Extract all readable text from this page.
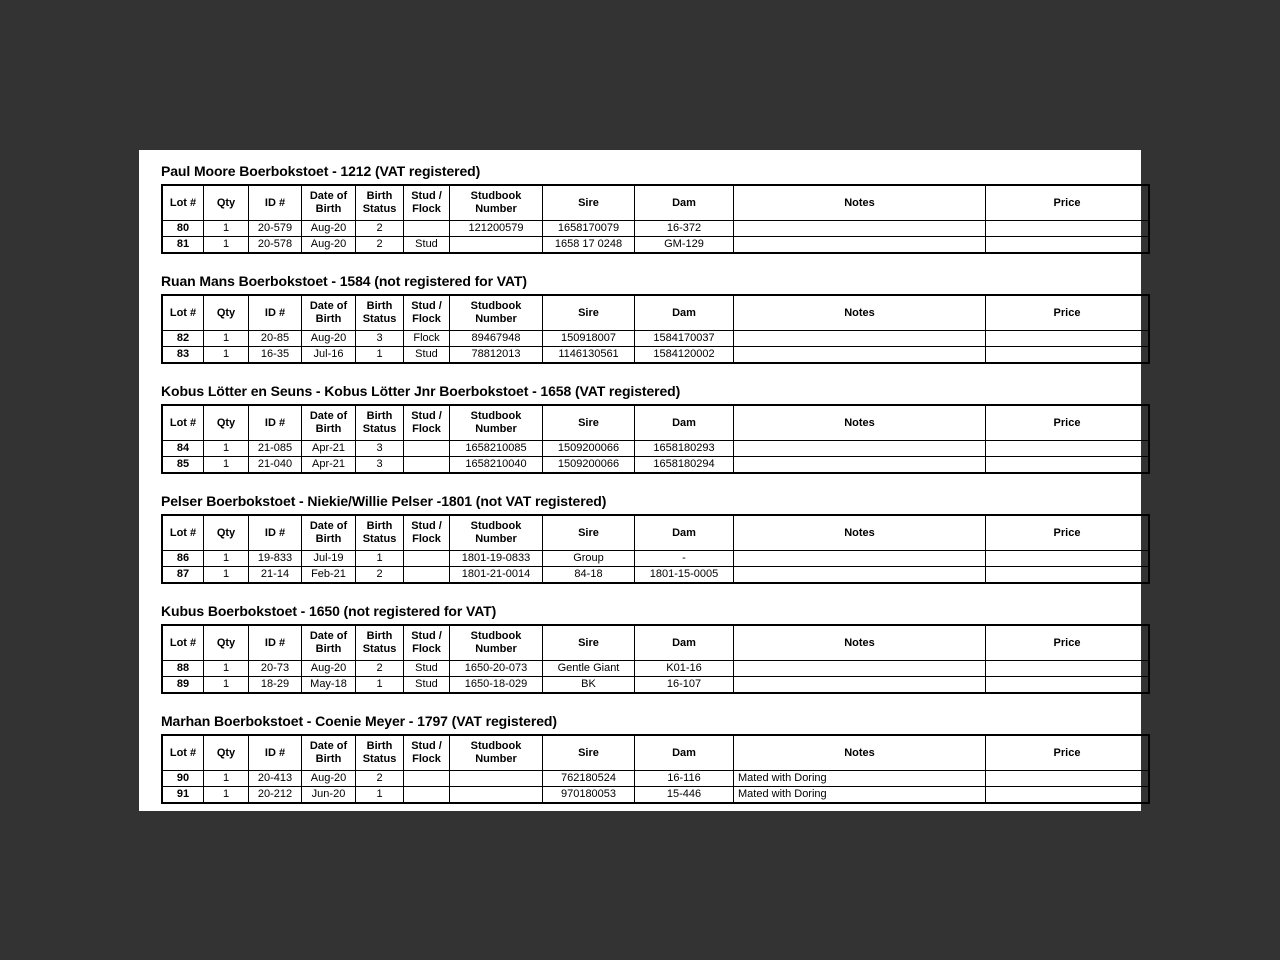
Paul Moore Boerbokstoet - 1212 (VAT registered)
Lot #	Qty	ID #	Date of Birth	Birth Status	Stud / Flock	Studbook Number	Sire	Dam	Notes	Price
80	1	20-579	Aug-20	2		121200579	1658170079	16-372		
81	1	20-578	Aug-20	2	Stud		1658 17 0248	GM-129		
Ruan Mans Boerbokstoet - 1584 (not registered for VAT)
Lot #	Qty	ID #	Date of Birth	Birth Status	Stud / Flock	Studbook Number	Sire	Dam	Notes	Price
82	1	20-85	Aug-20	3	Flock	89467948	150918007	1584170037		
83	1	16-35	Jul-16	1	Stud	78812013	1146130561	1584120002		
Kobus Lötter en Seuns - Kobus Lötter Jnr Boerbokstoet - 1658 (VAT registered)
Lot #	Qty	ID #	Date of Birth	Birth Status	Stud / Flock	Studbook Number	Sire	Dam	Notes	Price
84	1	21-085	Apr-21	3		1658210085	1509200066	1658180293		
85	1	21-040	Apr-21	3		1658210040	1509200066	1658180294		
Pelser Boerbokstoet - Niekie/Willie Pelser -1801 (not VAT registered)
Lot #	Qty	ID #	Date of Birth	Birth Status	Stud / Flock	Studbook Number	Sire	Dam	Notes	Price
86	1	19-833	Jul-19	1		1801-19-0833	Group	-		
87	1	21-14	Feb-21	2		1801-21-0014	84-18	1801-15-0005		
Kubus Boerbokstoet - 1650 (not registered for VAT)
Lot #	Qty	ID #	Date of Birth	Birth Status	Stud / Flock	Studbook Number	Sire	Dam	Notes	Price
88	1	20-73	Aug-20	2	Stud	1650-20-073	Gentle Giant	K01-16		
89	1	18-29	May-18	1	Stud	1650-18-029	BK	16-107		
Marhan Boerbokstoet - Coenie Meyer - 1797 (VAT registered)
Lot #	Qty	ID #	Date of Birth	Birth Status	Stud / Flock	Studbook Number	Sire	Dam	Notes	Price
90	1	20-413	Aug-20	2			762180524	16-116	Mated with Doring	
91	1	20-212	Jun-20	1			970180053	15-446	Mated with Doring	
